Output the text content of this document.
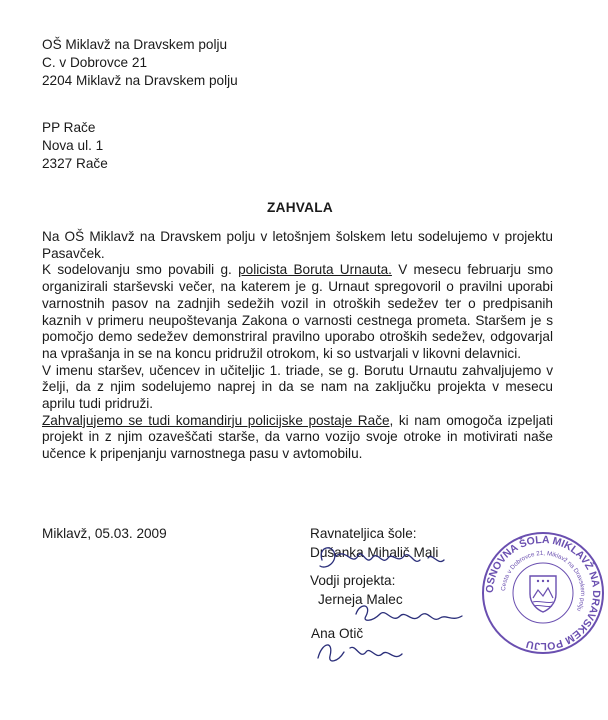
OŠ Miklavž na Dravskem polju
C. v Dobrovce 21
2204 Miklavž na Dravskem polju
PP Rače
Nova ul. 1
2327 Rače
ZAHVALA

Na OŠ Miklavž na Dravskem polju v letošnjem šolskem letu sodelujemo v projektu Pasavček.

K sodelovanju smo povabili g. policista Boruta Urnauta. V mesecu februarju smo organizirali starševski večer, na katerem je g. Urnaut spregovoril o pravilni uporabi varnostnih pasov na zadnjih sedežih vozil in otroških sedežev ter o predpisanih kaznih v primeru neupoštevanja Zakona o varnosti cestnega prometa. Staršem je s pomočjo demo sedežev demonstriral pravilno uporabo otroških sedežev, odgovarjal na vprašanja in se na koncu pridružil otrokom, ki so ustvarjali v likovni delavnici.

V imenu staršev, učencev in učiteljic 1. triade, se g. Borutu Urnautu zahvaljujemo v želji, da z njim sodelujemo naprej in da se nam na zaključku projekta v mesecu aprilu tudi pridruži.

Zahvaljujemo se tudi komandirju policijske postaje Rače, ki nam omogoča izpeljati projekt in z njim ozaveščati starše, da varno vozijo svoje otroke in motivirati naše učence k pripenjanju varnostnega pasu v avtomobilu.

Miklavž, 05.03. 2009	Ravnateljica šole:
Dušanka Mihalič Mali
Vodji projekta:
Jerneja Malec
Ana Otič
OSNOVNA ŠOLA MIKLAVŽ NA DRAVSKEM POLJU
Cesta v Dobrovce 21, Miklavž na Dravskem polju
